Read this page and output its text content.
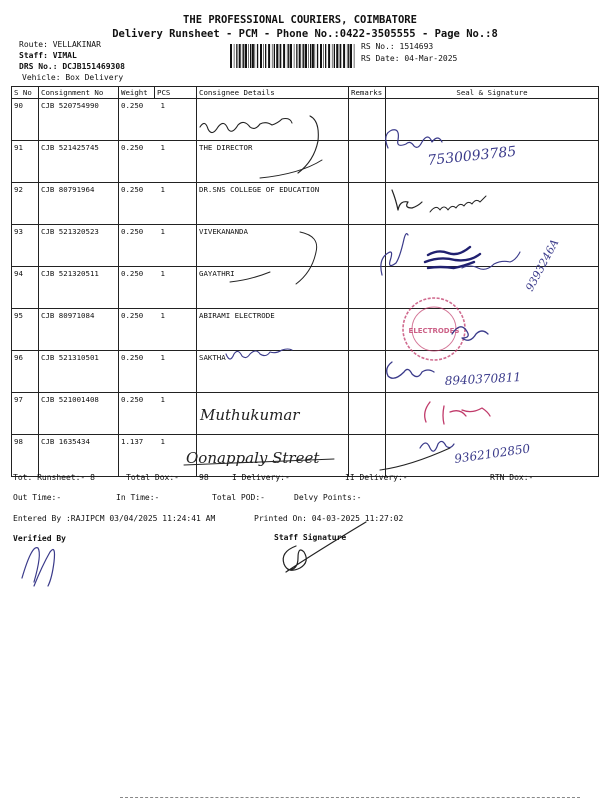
THE PROFESSIONAL COURIERS, COIMBATORE
Delivery Runsheet - PCM - Phone No.:0422-3505555 - Page No.:8
Route: VELLAKINAR
Staff: VIMAL
DRS No.: DCJB151469308
Vehicle: Box Delivery
RS No.: 1514693
RS Date: 04-Mar-2025
S No	Consignment No	Weight	PCS	Consignee Details	Remarks	Seal & Signature
90	CJB 520754990	0.250	1			
91	CJB 521425745	0.250	1	THE DIRECTOR		
92	CJB 80791964	0.250	1	DR.SNS COLLEGE OF EDUCATION		
93	CJB 521320523	0.250	1	VIVEKANANDA		
94	CJB 521320511	0.250	1	GAYATHRI		
95	CJB 80971084	0.250	1	ABIRAMI ELECTRODE		
96	CJB 521310501	0.250	1	SAKTHA		
97	CJB 521001408	0.250	1			
98	CJB 1635434	1.137	1			
7530093785
9393246A
ELECTRODES
8940370811
Muthukumar
Oonappaly Street	9362102850
Tot. Runsheet:- 8	Total Dox:-	98	I Delivery:-	II Delivery:-	RTN Dox:-
Out Time:-	In Time:-	Total POD:-	Delvy Points:-
Entered By :RAJIPCM 03/04/2025 11:24:41 AM	Printed On: 04-03-2025 11:27:02
Verified By	Staff Signature
